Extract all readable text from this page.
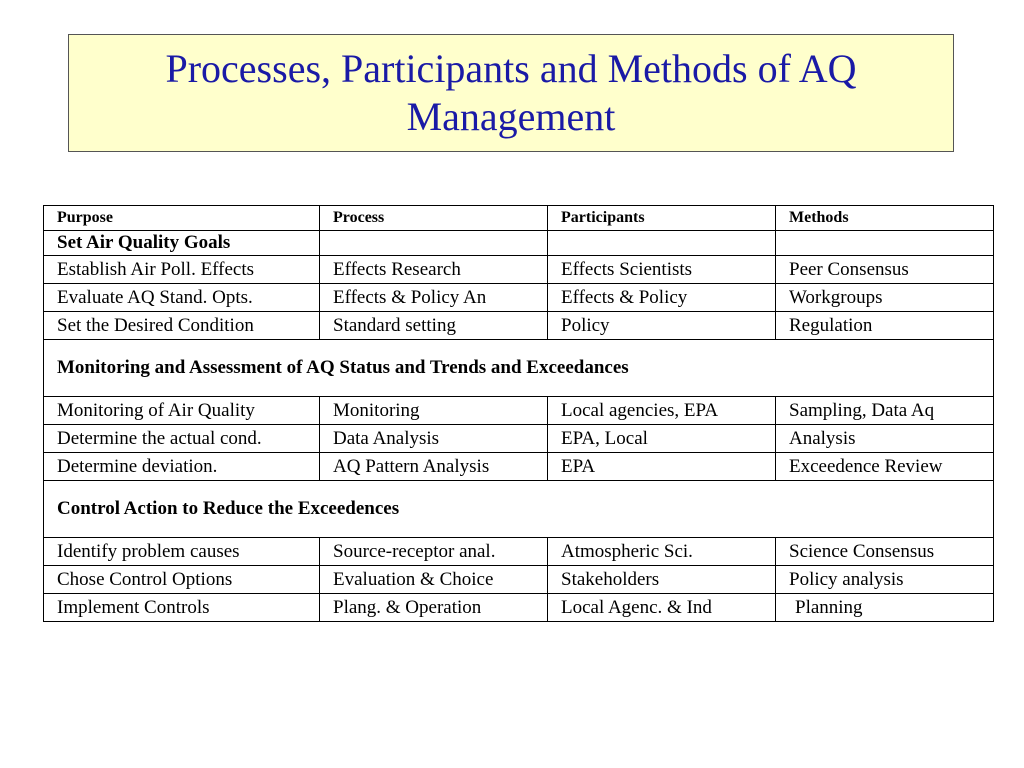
Processes, Participants and Methods of AQ Management
Purpose	Process	Participants	Methods
Set Air Quality Goals			
Establish Air Poll. Effects	Effects Research	Effects Scientists	Peer Consensus
Evaluate AQ Stand. Opts.	Effects & Policy An	Effects & Policy	Workgroups
Set the Desired Condition	Standard setting	Policy	Regulation
Monitoring and Assessment of AQ Status and Trends and Exceedances			
Monitoring of Air Quality	Monitoring	Local agencies, EPA	Sampling, Data Aq
Determine the actual cond.	Data Analysis	EPA, Local	Analysis
Determine deviation.	AQ Pattern Analysis	EPA	Exceedence Review
Control Action to Reduce the Exceedences			
Identify problem causes	Source-receptor anal.	Atmospheric Sci.	Science Consensus
Chose Control Options	Evaluation & Choice	Stakeholders	Policy analysis
Implement Controls	Plang. & Operation	Local Agenc. & Ind	Planning
